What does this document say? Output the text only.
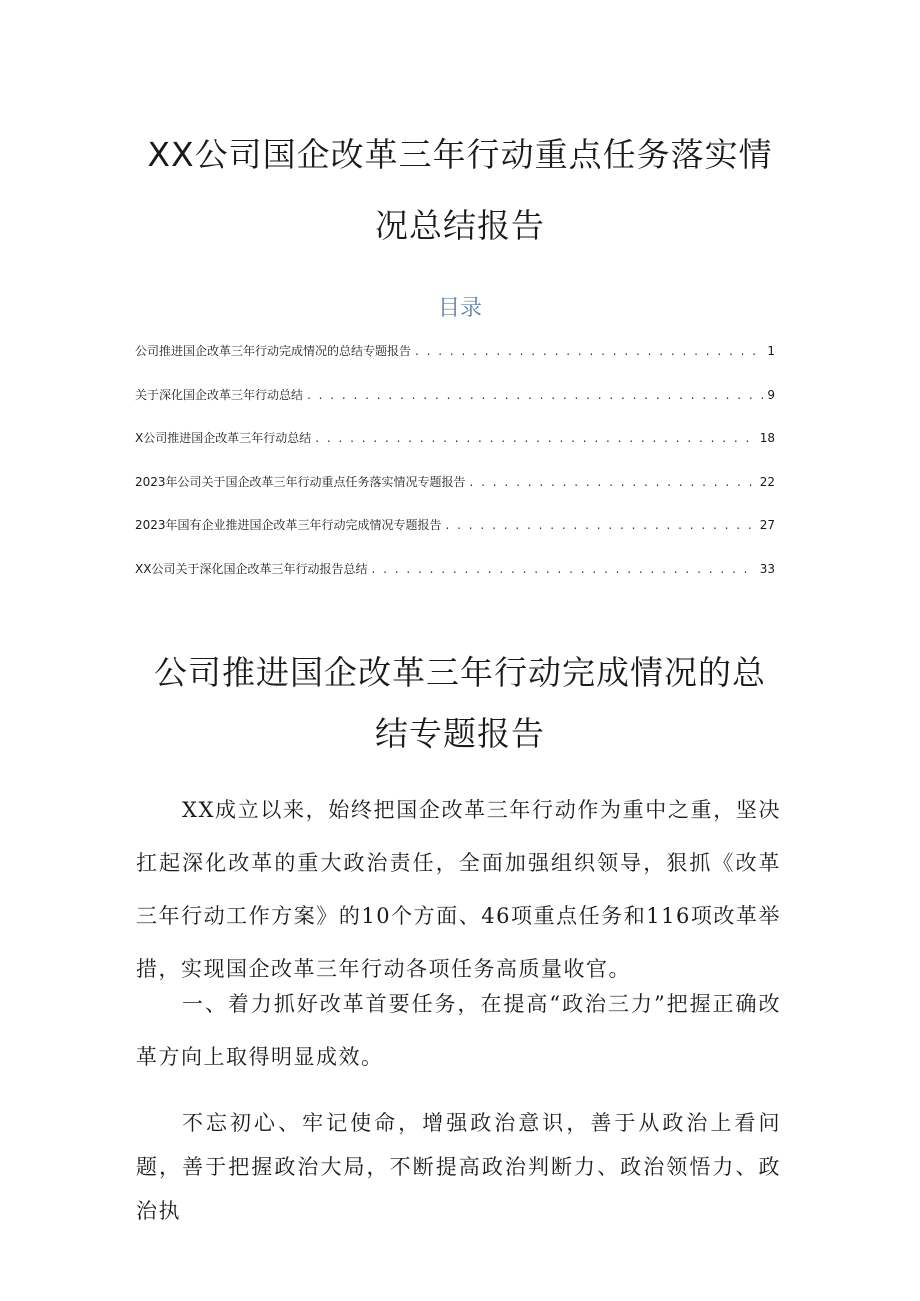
XX公司国企改革三年行动重点任务落实情
况总结报告
目录
公司推进国企改革三年行动完成情况的总结专题报告 . . .	1
关于深化国企改革三年行动总结 . . .	9
X公司推进国企改革三年行动总结 . . .	18
2023年公司关于国企改革三年行动重点任务落实情况专题报告 . . .	22
2023年国有企业推进国企改革三年行动完成情况专题报告 . . .	27
XX公司关于深化国企改革三年行动报告总结 . . .	33
公司推进国企改革三年行动完成情况的总
结专题报告

XX成立以来，始终把国企改革三年行动作为重中之重，坚决扛起深化改革的重大政治责任，全面加强组织领导，狠抓《改革三年行动工作方案》的10个方面、46项重点任务和116项改革举措，实现国企改革三年行动各项任务高质量收官。

一、着力抓好改革首要任务，在提高“政治三力”把握正确改革方向上取得明显成效。

不忘初心、牢记使命，增强政治意识，善于从政治上看问题，善于把握政治大局，不断提高政治判断力、政治领悟力、政治执
